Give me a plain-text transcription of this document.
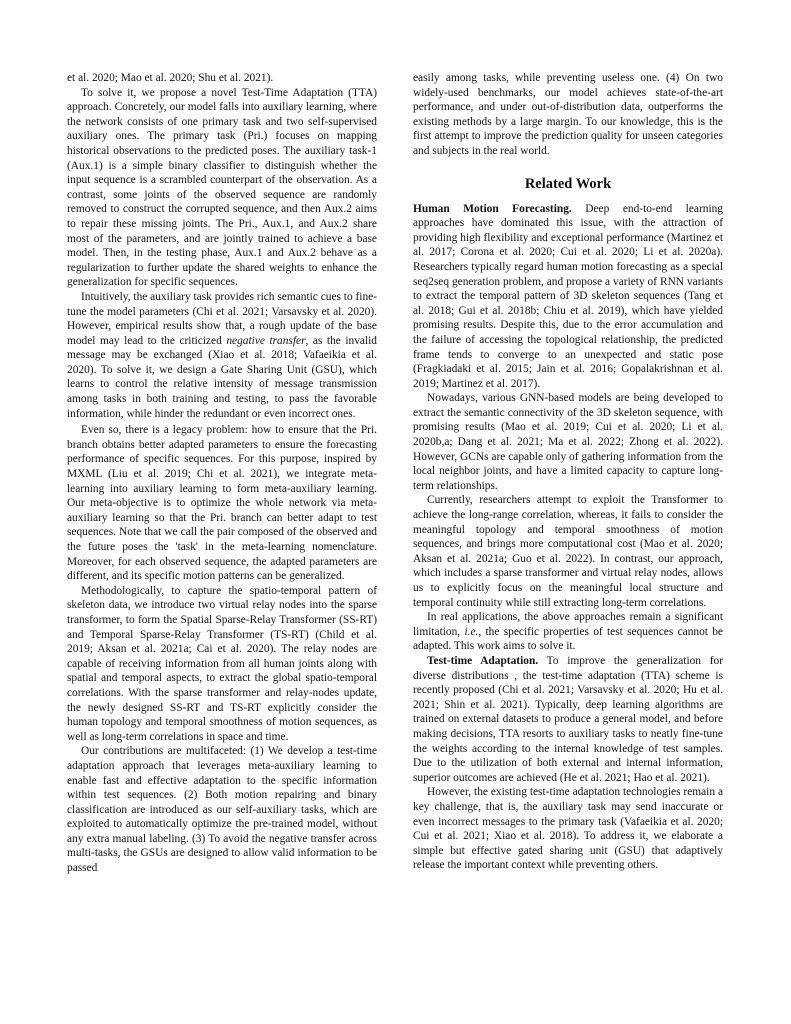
et al. 2020; Mao et al. 2020; Shu et al. 2021).

To solve it, we propose a novel Test-Time Adaptation (TTA) approach. Concretely, our model falls into auxiliary learning, where the network consists of one primary task and two self-supervised auxiliary ones. The primary task (Pri.) focuses on mapping historical observations to the predicted poses. The auxiliary task-1 (Aux.1) is a simple binary classifier to distinguish whether the input sequence is a scrambled counterpart of the observation. As a contrast, some joints of the observed sequence are randomly removed to construct the corrupted sequence, and then Aux.2 aims to repair these missing joints. The Pri., Aux.1, and Aux.2 share most of the parameters, and are jointly trained to achieve a base model. Then, in the testing phase, Aux.1 and Aux.2 behave as a regularization to further update the shared weights to enhance the generalization for specific sequences.

Intuitively, the auxiliary task provides rich semantic cues to fine-tune the model parameters (Chi et al. 2021; Varsavsky et al. 2020). However, empirical results show that, a rough update of the base model may lead to the criticized negative transfer, as the invalid message may be exchanged (Xiao et al. 2018; Vafaeikia et al. 2020). To solve it, we design a Gate Sharing Unit (GSU), which learns to control the relative intensity of message transmission among tasks in both training and testing, to pass the favorable information, while hinder the redundant or even incorrect ones.

Even so, there is a legacy problem: how to ensure that the Pri. branch obtains better adapted parameters to ensure the forecasting performance of specific sequences. For this purpose, inspired by MXML (Liu et al. 2019; Chi et al. 2021), we integrate meta-learning into auxiliary learning to form meta-auxiliary learning. Our meta-objective is to optimize the whole network via meta-auxiliary learning so that the Pri. branch can better adapt to test sequences. Note that we call the pair composed of the observed and the future poses the 'task' in the meta-learning nomenclature. Moreover, for each observed sequence, the adapted parameters are different, and its specific motion patterns can be generalized.

Methodologically, to capture the spatio-temporal pattern of skeleton data, we introduce two virtual relay nodes into the sparse transformer, to form the Spatial Sparse-Relay Transformer (SS-RT) and Temporal Sparse-Relay Transformer (TS-RT) (Child et al. 2019; Aksan et al. 2021a; Cai et al. 2020). The relay nodes are capable of receiving information from all human joints along with spatial and temporal aspects, to extract the global spatio-temporal correlations. With the sparse transformer and relay-nodes update, the newly designed SS-RT and TS-RT explicitly consider the human topology and temporal smoothness of motion sequences, as well as long-term correlations in space and time.

Our contributions are multifaceted: (1) We develop a test-time adaptation approach that leverages meta-auxiliary learning to enable fast and effective adaptation to the specific information within test sequences. (2) Both motion repairing and binary classification are introduced as our self-auxiliary tasks, which are exploited to automatically optimize the pre-trained model, without any extra manual labeling. (3) To avoid the negative transfer across multi-tasks, the GSUs are designed to allow valid information to be passed

easily among tasks, while preventing useless one. (4) On two widely-used benchmarks, our model achieves state-of-the-art performance, and under out-of-distribution data, outperforms the existing methods by a large margin. To our knowledge, this is the first attempt to improve the prediction quality for unseen categories and subjects in the real world.

Related Work

Human Motion Forecasting. Deep end-to-end learning approaches have dominated this issue, with the attraction of providing high flexibility and exceptional performance (Martinez et al. 2017; Corona et al. 2020; Cui et al. 2020; Li et al. 2020a). Researchers typically regard human motion forecasting as a special seq2seq generation problem, and propose a variety of RNN variants to extract the temporal pattern of 3D skeleton sequences (Tang et al. 2018; Gui et al. 2018b; Chiu et al. 2019), which have yielded promising results. Despite this, due to the error accumulation and the failure of accessing the topological relationship, the predicted frame tends to converge to an unexpected and static pose (Fragkiadaki et al. 2015; Jain et al. 2016; Gopalakrishnan et al. 2019; Martinez et al. 2017).

Nowadays, various GNN-based models are being developed to extract the semantic connectivity of the 3D skeleton sequence, with promising results (Mao et al. 2019; Cui et al. 2020; Li et al. 2020b,a; Dang et al. 2021; Ma et al. 2022; Zhong et al. 2022). However, GCNs are capable only of gathering information from the local neighbor joints, and have a limited capacity to capture long-term relationships.

Currently, researchers attempt to exploit the Transformer to achieve the long-range correlation, whereas, it fails to consider the meaningful topology and temporal smoothness of motion sequences, and brings more computational cost (Mao et al. 2020; Aksan et al. 2021a; Guo et al. 2022). In contrast, our approach, which includes a sparse transformer and virtual relay nodes, allows us to explicitly focus on the meaningful local structure and temporal continuity while still extracting long-term correlations.

In real applications, the above approaches remain a significant limitation, i.e., the specific properties of test sequences cannot be adapted. This work aims to solve it.

Test-time Adaptation. To improve the generalization for diverse distributions , the test-time adaptation (TTA) scheme is recently proposed (Chi et al. 2021; Varsavsky et al. 2020; Hu et al. 2021; Shin et al. 2021). Typically, deep learning algorithms are trained on external datasets to produce a general model, and before making decisions, TTA resorts to auxiliary tasks to neatly fine-tune the weights according to the internal knowledge of test samples. Due to the utilization of both external and internal information, superior outcomes are achieved (He et al. 2021; Hao et al. 2021).

However, the existing test-time adaptation technologies remain a key challenge, that is, the auxiliary task may send inaccurate or even incorrect messages to the primary task (Vafaeikia et al. 2020; Cui et al. 2021; Xiao et al. 2018). To address it, we elaborate a simple but effective gated sharing unit (GSU) that adaptively release the important context while preventing others.
